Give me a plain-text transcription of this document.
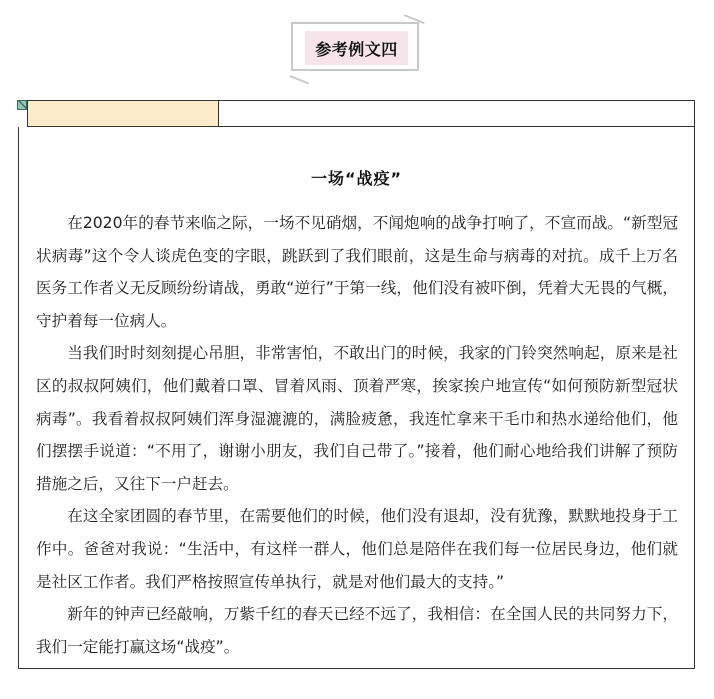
参考例文四
一场“战疫”

在2020年的春节来临之际，一场不见硝烟，不闻炮响的战争打响了，不宣而战。“新型冠状病毒”这个令人谈虎色变的字眼，跳跃到了我们眼前，这是生命与病毒的对抗。成千上万名医务工作者义无反顾纷纷请战，勇敢“逆行”于第一线，他们没有被吓倒，凭着大无畏的气概，守护着每一位病人。

当我们时时刻刻提心吊胆，非常害怕，不敢出门的时候，我家的门铃突然响起，原来是社区的叔叔阿姨们，他们戴着口罩、冒着风雨、顶着严寒，挨家挨户地宣传“如何预防新型冠状病毒”。我看着叔叔阿姨们浑身湿漉漉的，满脸疲惫，我连忙拿来干毛巾和热水递给他们，他们摆摆手说道：“不用了，谢谢小朋友，我们自己带了。”接着，他们耐心地给我们讲解了预防措施之后，又往下一户赶去。

在这全家团圆的春节里，在需要他们的时候，他们没有退却，没有犹豫，默默地投身于工作中。爸爸对我说：“生活中，有这样一群人，他们总是陪伴在我们每一位居民身边，他们就是社区工作者。我们严格按照宣传单执行，就是对他们最大的支持。”

新年的钟声已经敲响，万紫千红的春天已经不远了，我相信：在全国人民的共同努力下，我们一定能打赢这场“战疫”。
